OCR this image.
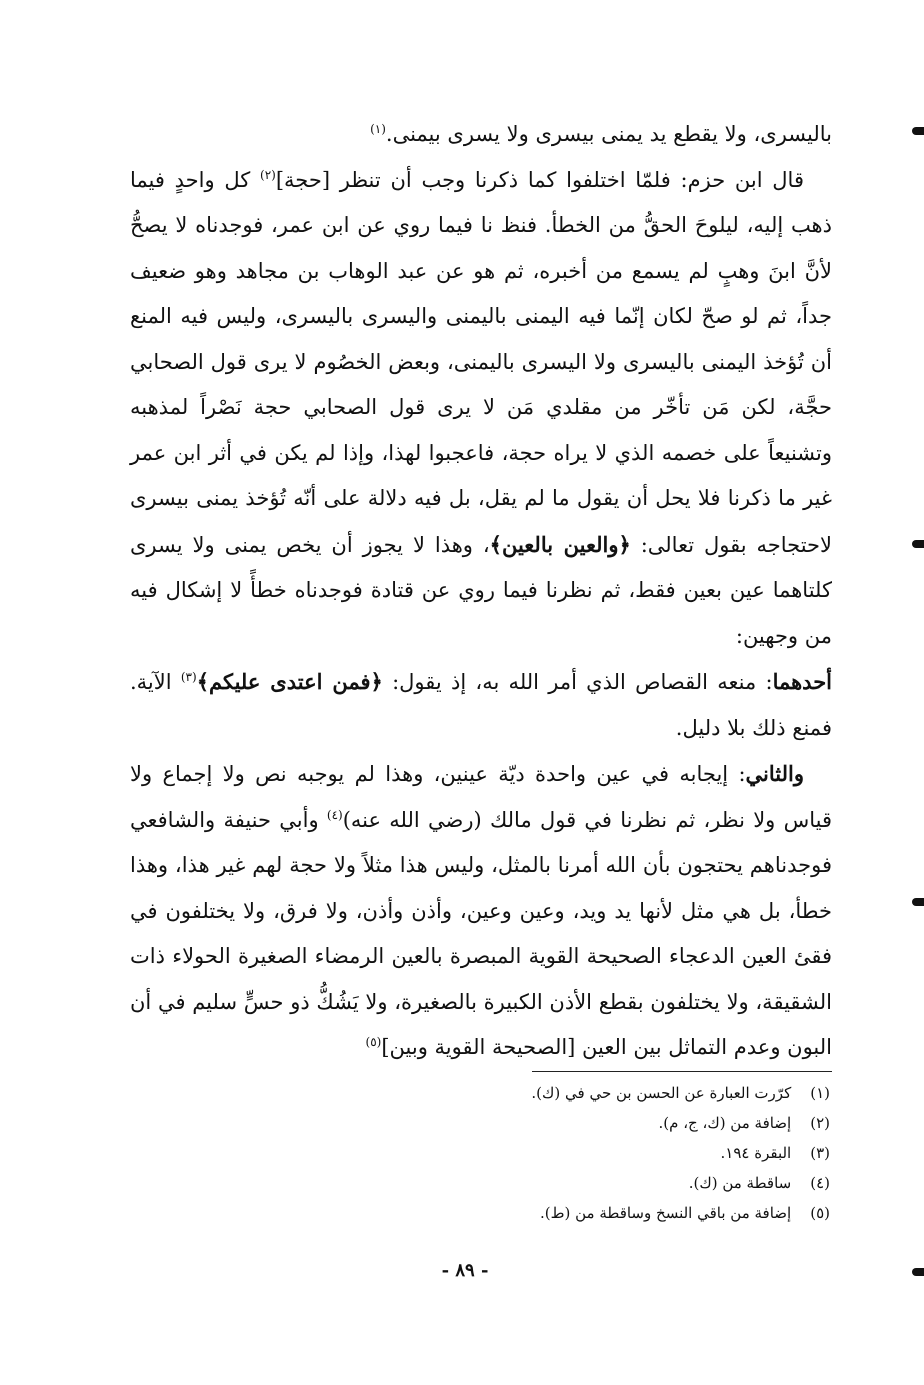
باليسرى، ولا يقطع يد يمنى بيسرى ولا يسرى بيمنى.$^{(١)}$

قال ابن حزم: فلمّا اختلفوا كما ذكرنا وجب أن تنظر [حجة]$^{(٢)}$ كل واحدٍ فيما ذهب إليه، ليلوحَ الحقُّ من الخطأ. فنظ نا فيما روي عن ابن عمر، فوجدناه لا يصحُّ لأنَّ ابنَ وهبٍ لم يسمع من أخبره، ثم هو عن عبد الوهاب بن مجاهد وهو ضعيف جداً، ثم لو صحّ لكان إنّما فيه اليمنى باليمنى واليسرى باليسرى، وليس فيه المنع أن تُؤخذ اليمنى باليسرى ولا اليسرى باليمنى، وبعض الخصُوم لا يرى قول الصحابي حجَّة، لكن مَن تأخّر من مقلدي مَن لا يرى قول الصحابي حجة نَصْراً لمذهبه وتشنيعاً على خصمه الذي لا يراه حجة، فاعجبوا لهذا، وإذا لم يكن في أثر ابن عمر غير ما ذكرنا فلا يحل أن يقول ما لم يقل، بل فيه دلالة على أنّه تُؤخذ يمنى بيسرى لاحتجاجه بقول تعالى: ﴿والعين بالعين﴾، وهذا لا يجوز أن يخص يمنى ولا يسرى كلتاهما عين بعين فقط، ثم نظرنا فيما روي عن قتادة فوجدناه خطأً لا إشكال فيه من وجهين:

أحدهما: منعه القصاص الذي أمر الله به، إذ يقول: ﴿فمن اعتدى عليكم﴾$^{(٣)}$ الآية. فمنع ذلك بلا دليل.

والثاني: إيجابه في عين واحدة ديّة عينين، وهذا لم يوجبه نص ولا إجماع ولا قياس ولا نظر، ثم نظرنا في قول مالك (رضي الله عنه)$^{(٤)}$ وأبي حنيفة والشافعي فوجدناهم يحتجون بأن الله أمرنا بالمثل، وليس هذا مثلاً ولا حجة لهم غير هذا، وهذا خطأ، بل هي مثل لأنها يد ويد، وعين وعين، وأذن وأذن، ولا فرق، ولا يختلفون في فقئ العين الدعجاء الصحيحة القوية المبصرة بالعين الرمضاء الصغيرة الحولاء ذات الشقيقة، ولا يختلفون بقطع الأذن الكبيرة بالصغيرة، ولا يَشُكُّ ذو حسٍّ سليم في أن البون وعدم التماثل بين العين [الصحيحة القوية وبين]$^{(٥)}$

(١) كرّرت العبارة عن الحسن بن حي في (ك).
(٢) إضافة من (ك، ج، م).
(٣) البقرة ١٩٤.
(٤) ساقطة من (ك).
(٥) إضافة من باقي النسخ وساقطة من (ط).
- ٨٩ -
